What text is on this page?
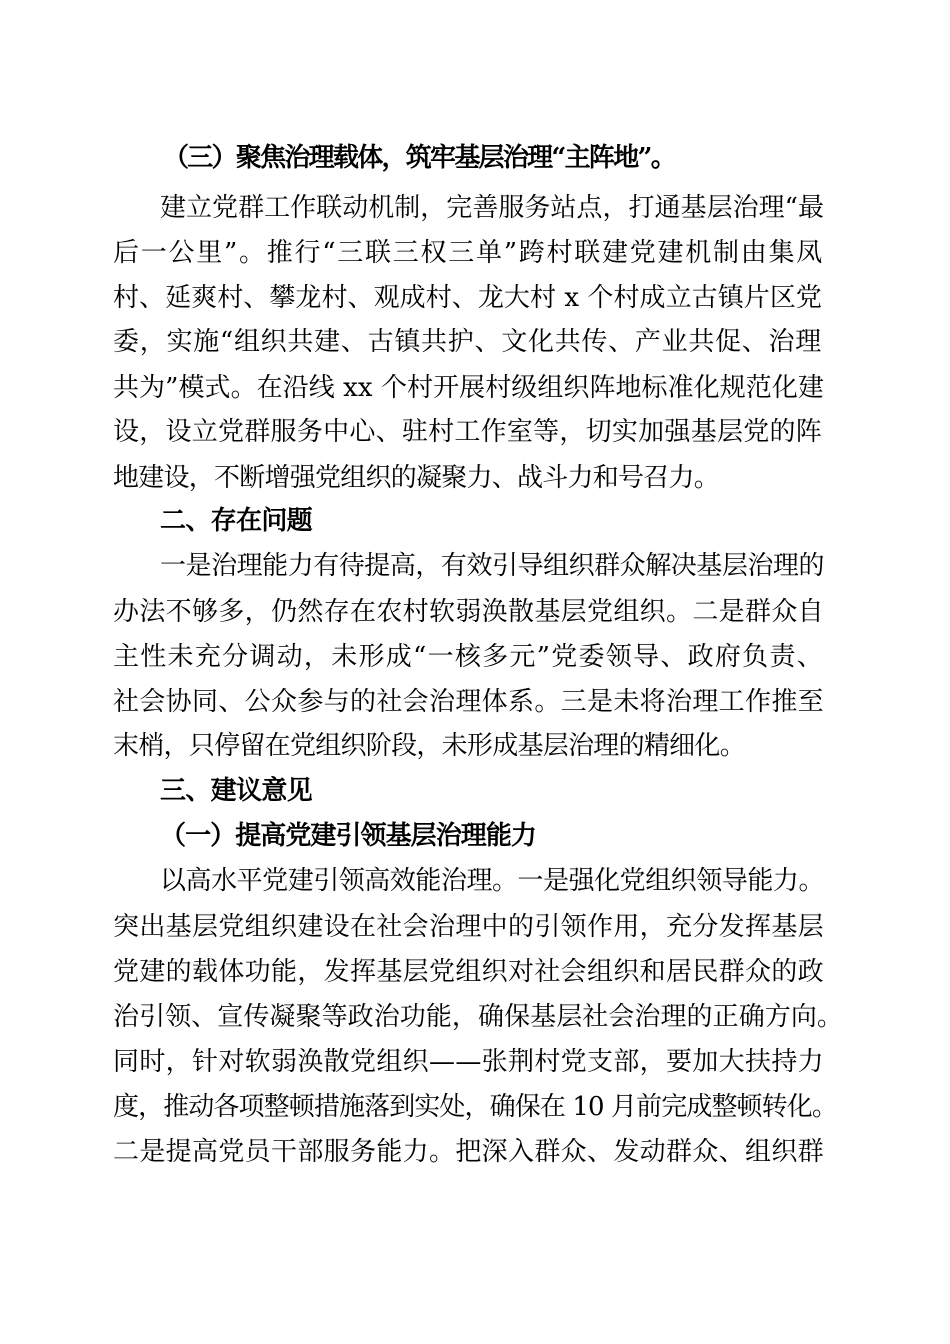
（三）聚焦治理载体，筑牢基层治理“主阵地”。
建立党群工作联动机制，完善服务站点，打通基层治理“最
后一公里”。推行“三联三权三单”跨村联建党建机制由集凤
村、延爽村、攀龙村、观成村、龙大村 x 个村成立古镇片区党
委，实施“组织共建、古镇共护、文化共传、产业共促、治理
共为”模式。在沿线 xx 个村开展村级组织阵地标准化规范化建
设，设立党群服务中心、驻村工作室等，切实加强基层党的阵
地建设，不断增强党组织的凝聚力、战斗力和号召力。
二、存在问题
一是治理能力有待提高，有效引导组织群众解决基层治理的
办法不够多，仍然存在农村软弱涣散基层党组织。二是群众自
主性未充分调动，未形成“一核多元”党委领导、政府负责、
社会协同、公众参与的社会治理体系。三是未将治理工作推至
末梢，只停留在党组织阶段，未形成基层治理的精细化。
三、建议意见
（一）提高党建引领基层治理能力
以高水平党建引领高效能治理。一是强化党组织领导能力。
突出基层党组织建设在社会治理中的引领作用，充分发挥基层
党建的载体功能，发挥基层党组织对社会组织和居民群众的政
治引领、宣传凝聚等政治功能，确保基层社会治理的正确方向。
同时，针对软弱涣散党组织——张荆村党支部，要加大扶持力
度，推动各项整顿措施落到实处，确保在 10 月前完成整顿转化。
二是提高党员干部服务能力。把深入群众、发动群众、组织群
